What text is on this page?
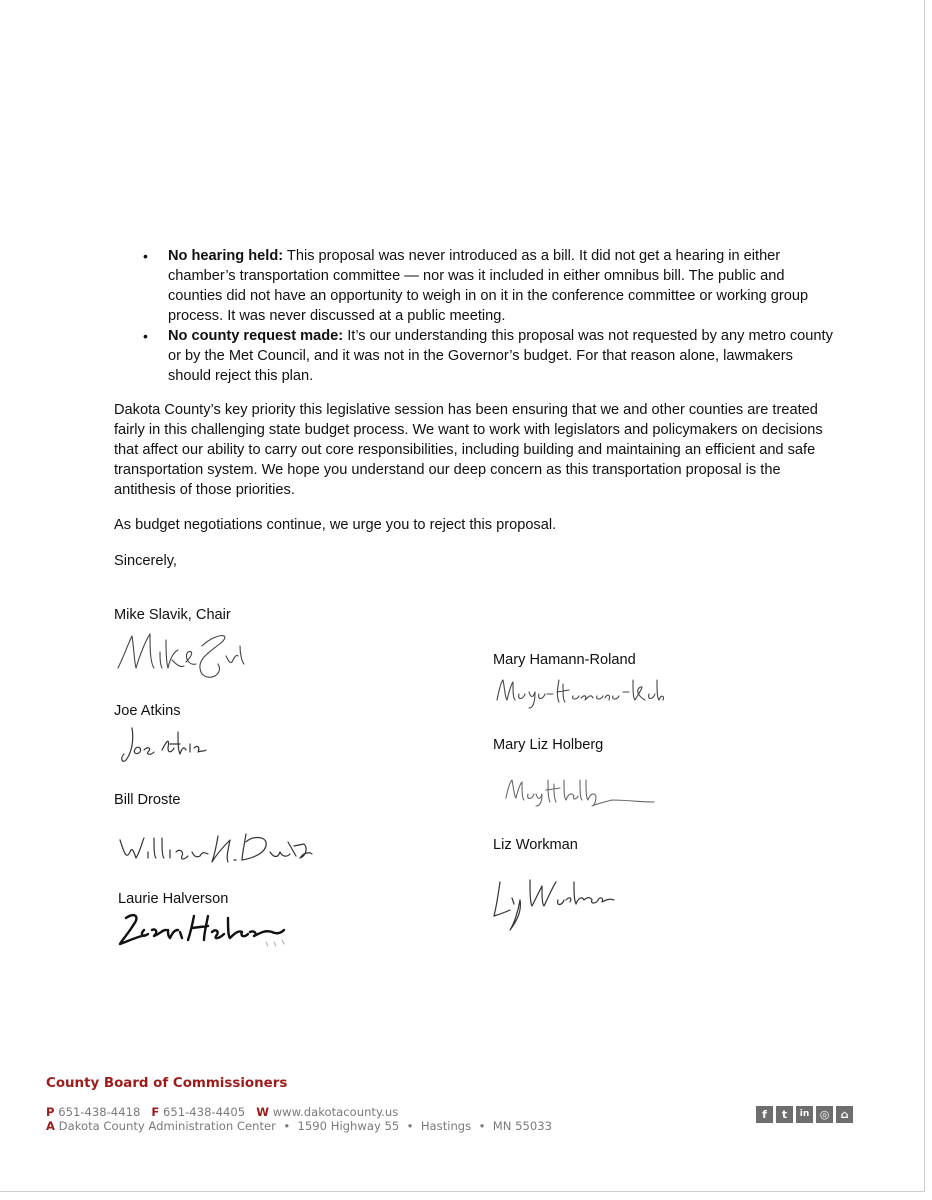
• No hearing held: This proposal was never introduced as a bill. It did not get a hearing in either chamber’s transportation committee — nor was it included in either omnibus bill. The public and counties did not have an opportunity to weigh in on it in the conference committee or working group process. It was never discussed at a public meeting.
• No county request made: It’s our understanding this proposal was not requested by any metro county or by the Met Council, and it was not in the Governor’s budget. For that reason alone, lawmakers should reject this plan.
Dakota County’s key priority this legislative session has been ensuring that we and other counties are treated fairly in this challenging state budget process. We want to work with legislators and policymakers on decisions that affect our ability to carry out core responsibilities, including building and maintaining an efficient and safe transportation system. We hope you understand our deep concern as this transportation proposal is the antithesis of those priorities.
As budget negotiations continue, we urge you to reject this proposal.
Sincerely,
Mike Slavik, Chair
Joe Atkins
Bill Droste
Laurie Halverson
Mary Hamann-Roland
Mary Liz Holberg
Liz Workman
County Board of Commissioners
P 651-438-4418 F 651-438-4405 W www.dakotacounty.us
A Dakota County Administration Center  •  1590 Highway 55  •  Hastings  •  MN 55033
f	t	in ◎	⌂
